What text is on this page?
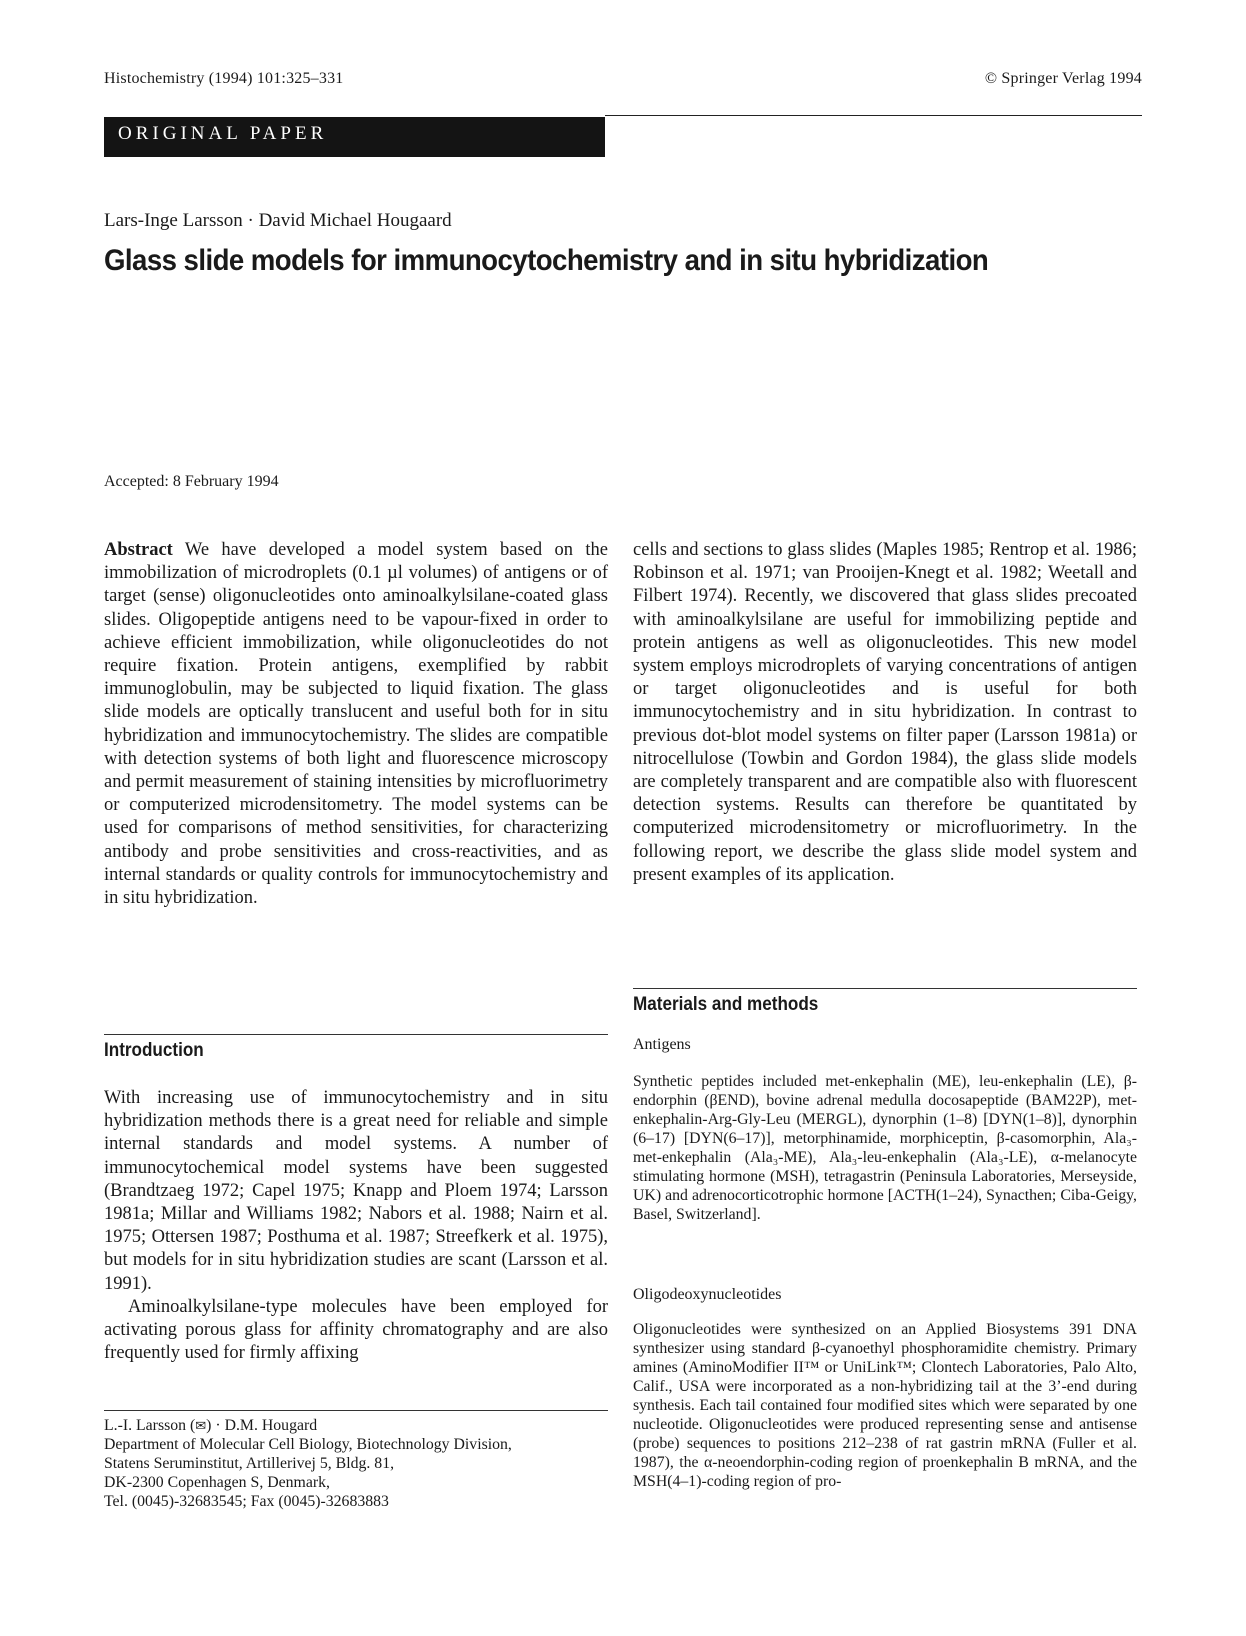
Histochemistry (1994) 101:325–331	© Springer Verlag 1994
ORIGINAL PAPER
Lars-Inge Larsson · David Michael Hougaard
Glass slide models for immunocytochemistry and in situ hybridization
Accepted: 8 February 1994

Abstract We have developed a model system based on the immobilization of microdroplets (0.1 µl volumes) of antigens or of target (sense) oligonucleotides onto aminoalkylsilane-coated glass slides. Oligopeptide antigens need to be vapour-fixed in order to achieve efficient immobilization, while oligonucleotides do not require fixation. Protein antigens, exemplified by rabbit immunoglobulin, may be subjected to liquid fixation. The glass slide models are optically translucent and useful both for in situ hybridization and immunocytochemistry. The slides are compatible with detection systems of both light and fluorescence microscopy and permit measurement of staining intensities by microfluorimetry or computerized microdensitometry. The model systems can be used for comparisons of method sensitivities, for characterizing antibody and probe sensitivities and cross-reactivities, and as internal standards or quality controls for immunocytochemistry and in situ hybridization.

Introduction

With increasing use of immunocytochemistry and in situ hybridization methods there is a great need for reliable and simple internal standards and model systems. A number of immunocytochemical model systems have been suggested (Brandtzaeg 1972; Capel 1975; Knapp and Ploem 1974; Larsson 1981a; Millar and Williams 1982; Nabors et al. 1988; Nairn et al. 1975; Ottersen 1987; Posthuma et al. 1987; Streefkerk et al. 1975), but models for in situ hybridization studies are scant (Larsson et al. 1991).

Aminoalkylsilane-type molecules have been employed for activating porous glass for affinity chromatography and are also frequently used for firmly affixing

L.-I. Larsson (✉) · D.M. Hougard
Department of Molecular Cell Biology, Biotechnology Division,
Statens Seruminstitut, Artillerivej 5, Bldg. 81,
DK-2300 Copenhagen S, Denmark,
Tel. (0045)-32683545; Fax (0045)-32683883

cells and sections to glass slides (Maples 1985; Rentrop et al. 1986; Robinson et al. 1971; van Prooijen-Knegt et al. 1982; Weetall and Filbert 1974). Recently, we discovered that glass slides precoated with aminoalkylsilane are useful for immobilizing peptide and protein antigens as well as oligonucleotides. This new model system employs microdroplets of varying concentrations of antigen or target oligonucleotides and is useful for both immunocytochemistry and in situ hybridization. In contrast to previous dot-blot model systems on filter paper (Larsson 1981a) or nitrocellulose (Towbin and Gordon 1984), the glass slide models are completely transparent and are compatible also with fluorescent detection systems. Results can therefore be quantitated by computerized microdensitometry or microfluorimetry. In the following report, we describe the glass slide model system and present examples of its application.

Materials and methods
Antigens

Synthetic peptides included met-enkephalin (ME), leu-enkephalin (LE), β-endorphin (βEND), bovine adrenal medulla docosapeptide (BAM22P), met-enkephalin-Arg-Gly-Leu (MERGL), dynorphin (1–8) [DYN(1–8)], dynorphin (6–17) [DYN(6–17)], metorphinamide, morphiceptin, β-casomorphin, Ala₃-met-enkephalin (Ala₃-ME), Ala₃-leu-enkephalin (Ala₃-LE), α-melanocyte stimulating hormone (MSH), tetragastrin (Peninsula Laboratories, Merseyside, UK) and adrenocorticotrophic hormone [ACTH(1–24), Synacthen; Ciba-Geigy, Basel, Switzerland].

Oligodeoxynucleotides

Oligonucleotides were synthesized on an Applied Biosystems 391 DNA synthesizer using standard β-cyanoethyl phosphoramidite chemistry. Primary amines (AminoModifier II™ or UniLink™; Clontech Laboratories, Palo Alto, Calif., USA were incorporated as a non-hybridizing tail at the 3’-end during synthesis. Each tail contained four modified sites which were separated by one nucleotide. Oligonucleotides were produced representing sense and antisense (probe) sequences to positions 212–238 of rat gastrin mRNA (Fuller et al. 1987), the α-neoendorphin-coding region of proenkephalin B mRNA, and the MSH(4–1)-coding region of pro-
